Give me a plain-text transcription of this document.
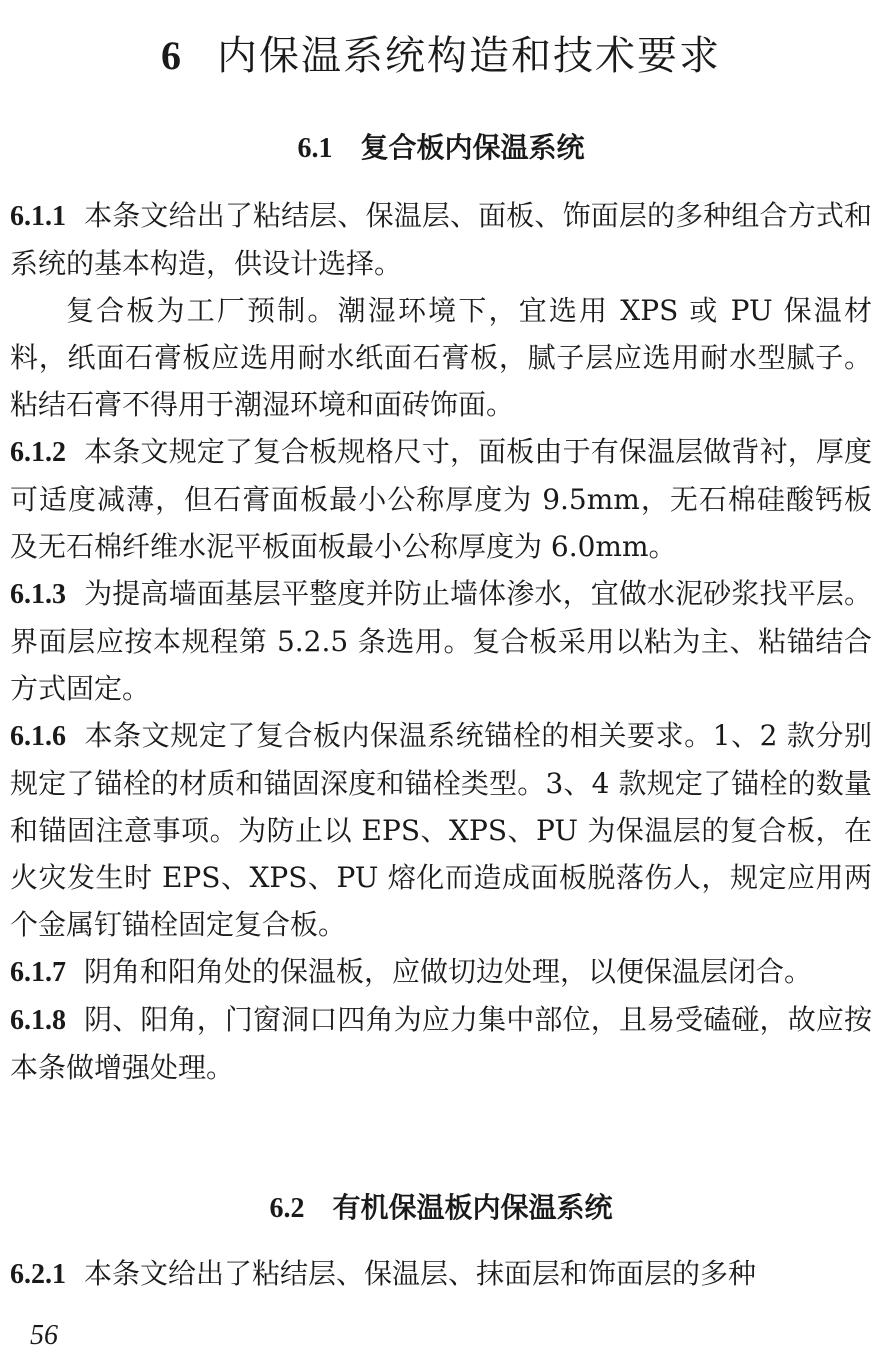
6 内保温系统构造和技术要求
6.1 复合板内保温系统

6.1.1 本条文给出了粘结层、保温层、面板、饰面层的多种组合方式和系统的基本构造，供设计选择。

复合板为工厂预制。潮湿环境下，宜选用 XPS 或 PU 保温材料，纸面石膏板应选用耐水纸面石膏板，腻子层应选用耐水型腻子。粘结石膏不得用于潮湿环境和面砖饰面。

6.1.2 本条文规定了复合板规格尺寸，面板由于有保温层做背衬，厚度可适度减薄，但石膏面板最小公称厚度为 9.5mm，无石棉硅酸钙板及无石棉纤维水泥平板面板最小公称厚度为 6.0mm。

6.1.3 为提高墙面基层平整度并防止墙体渗水，宜做水泥砂浆找平层。界面层应按本规程第 5.2.5 条选用。复合板采用以粘为主、粘锚结合方式固定。

6.1.6 本条文规定了复合板内保温系统锚栓的相关要求。1、2 款分别规定了锚栓的材质和锚固深度和锚栓类型。3、4 款规定了锚栓的数量和锚固注意事项。为防止以 EPS、XPS、PU 为保温层的复合板，在火灾发生时 EPS、XPS、PU 熔化而造成面板脱落伤人，规定应用两个金属钉锚栓固定复合板。

6.1.7 阴角和阳角处的保温板，应做切边处理，以便保温层闭合。

6.1.8 阴、阳角，门窗洞口四角为应力集中部位，且易受磕碰，故应按本条做增强处理。

6.2 有机保温板内保温系统

6.2.1 本条文给出了粘结层、保温层、抹面层和饰面层的多种

56
